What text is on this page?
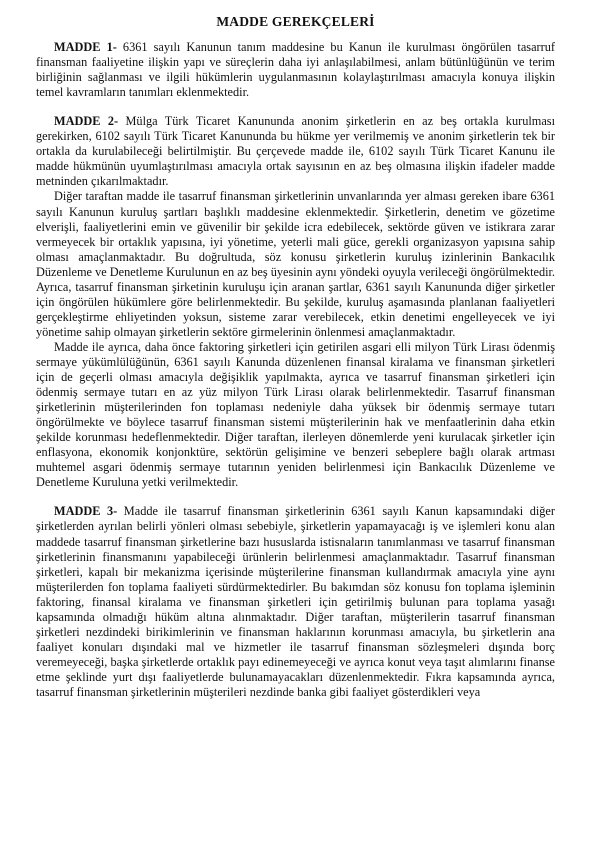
MADDE GEREKÇELERİ

MADDE 1- 6361 sayılı Kanunun tanım maddesine bu Kanun ile kurulması öngörülen tasarruf finansman faaliyetine ilişkin yapı ve süreçlerin daha iyi anlaşılabilmesi, anlam bütünlüğünün ve terim birliğinin sağlanması ve ilgili hükümlerin uygulanmasının kolaylaştırılması amacıyla konuya ilişkin temel kavramların tanımları eklenmektedir.

MADDE 2- Mülga Türk Ticaret Kanununda anonim şirketlerin en az beş ortakla kurulması gerekirken, 6102 sayılı Türk Ticaret Kanununda bu hükme yer verilmemiş ve anonim şirketlerin tek bir ortakla da kurulabileceği belirtilmiştir. Bu çerçevede madde ile, 6102 sayılı Türk Ticaret Kanunu ile madde hükmünün uyumlaştırılması amacıyla ortak sayısının en az beş olmasına ilişkin ifadeler madde metninden çıkarılmaktadır.

Diğer taraftan madde ile tasarruf finansman şirketlerinin unvanlarında yer alması gereken ibare 6361 sayılı Kanunun kuruluş şartları başlıklı maddesine eklenmektedir. Şirketlerin, denetim ve gözetime elverişli, faaliyetlerini emin ve güvenilir bir şekilde icra edebilecek, sektörde güven ve istikrara zarar vermeyecek bir ortaklık yapısına, iyi yönetime, yeterli mali güce, gerekli organizasyon yapısına sahip olması amaçlanmaktadır. Bu doğrultuda, söz konusu şirketlerin kuruluş izinlerinin Bankacılık Düzenleme ve Denetleme Kurulunun en az beş üyesinin aynı yöndeki oyuyla verileceği öngörülmektedir. Ayrıca, tasarruf finansman şirketinin kuruluşu için aranan şartlar, 6361 sayılı Kanununda diğer şirketler için öngörülen hükümlere göre belirlenmektedir. Bu şekilde, kuruluş aşamasında planlanan faaliyetleri gerçekleştirme ehliyetinden yoksun, sisteme zarar verebilecek, etkin denetimi engelleyecek ve iyi yönetime sahip olmayan şirketlerin sektöre girmelerinin önlenmesi amaçlanmaktadır.

Madde ile ayrıca, daha önce faktoring şirketleri için getirilen asgari elli milyon Türk Lirası ödenmiş sermaye yükümlülüğünün, 6361 sayılı Kanunda düzenlenen finansal kiralama ve finansman şirketleri için de geçerli olması amacıyla değişiklik yapılmakta, ayrıca ve tasarruf finansman şirketleri için ödenmiş sermaye tutarı en az yüz milyon Türk Lirası olarak belirlenmektedir. Tasarruf finansman şirketlerinin müşterilerinden fon toplaması nedeniyle daha yüksek bir ödenmiş sermaye tutarı öngörülmekte ve böylece tasarruf finansman sistemi müşterilerinin hak ve menfaatlerinin daha etkin şekilde korunması hedeflenmektedir. Diğer taraftan, ilerleyen dönemlerde yeni kurulacak şirketler için enflasyona, ekonomik konjonktüre, sektörün gelişimine ve benzeri sebeplere bağlı olarak artması muhtemel asgari ödenmiş sermaye tutarının yeniden belirlenmesi için Bankacılık Düzenleme ve Denetleme Kuruluna yetki verilmektedir.

MADDE 3- Madde ile tasarruf finansman şirketlerinin 6361 sayılı Kanun kapsamındaki diğer şirketlerden ayrılan belirli yönleri olması sebebiyle, şirketlerin yapamayacağı iş ve işlemleri konu alan maddede tasarruf finansman şirketlerine bazı hususlarda istisnaların tanımlanması ve tasarruf finansman şirketlerinin finansmanını yapabileceği ürünlerin belirlenmesi amaçlanmaktadır. Tasarruf finansman şirketleri, kapalı bir mekanizma içerisinde müşterilerine finansman kullandırmak amacıyla yine aynı müşterilerden fon toplama faaliyeti sürdürmektedirler. Bu bakımdan söz konusu fon toplama işleminin faktoring, finansal kiralama ve finansman şirketleri için getirilmiş bulunan para toplama yasağı kapsamında olmadığı hüküm altına alınmaktadır. Diğer taraftan, müşterilerin tasarruf finansman şirketleri nezdindeki birikimlerinin ve finansman haklarının korunması amacıyla, bu şirketlerin ana faaliyet konuları dışındaki mal ve hizmetler ile tasarruf finansman sözleşmeleri dışında borç veremeyeceği, başka şirketlerde ortaklık payı edinemeyeceği ve ayrıca konut veya taşıt alımlarını finanse etme şeklinde yurt dışı faaliyetlerde bulunamayacakları düzenlenmektedir. Fıkra kapsamında ayrıca, tasarruf finansman şirketlerinin müşterileri nezdinde banka gibi faaliyet gösterdikleri veya
